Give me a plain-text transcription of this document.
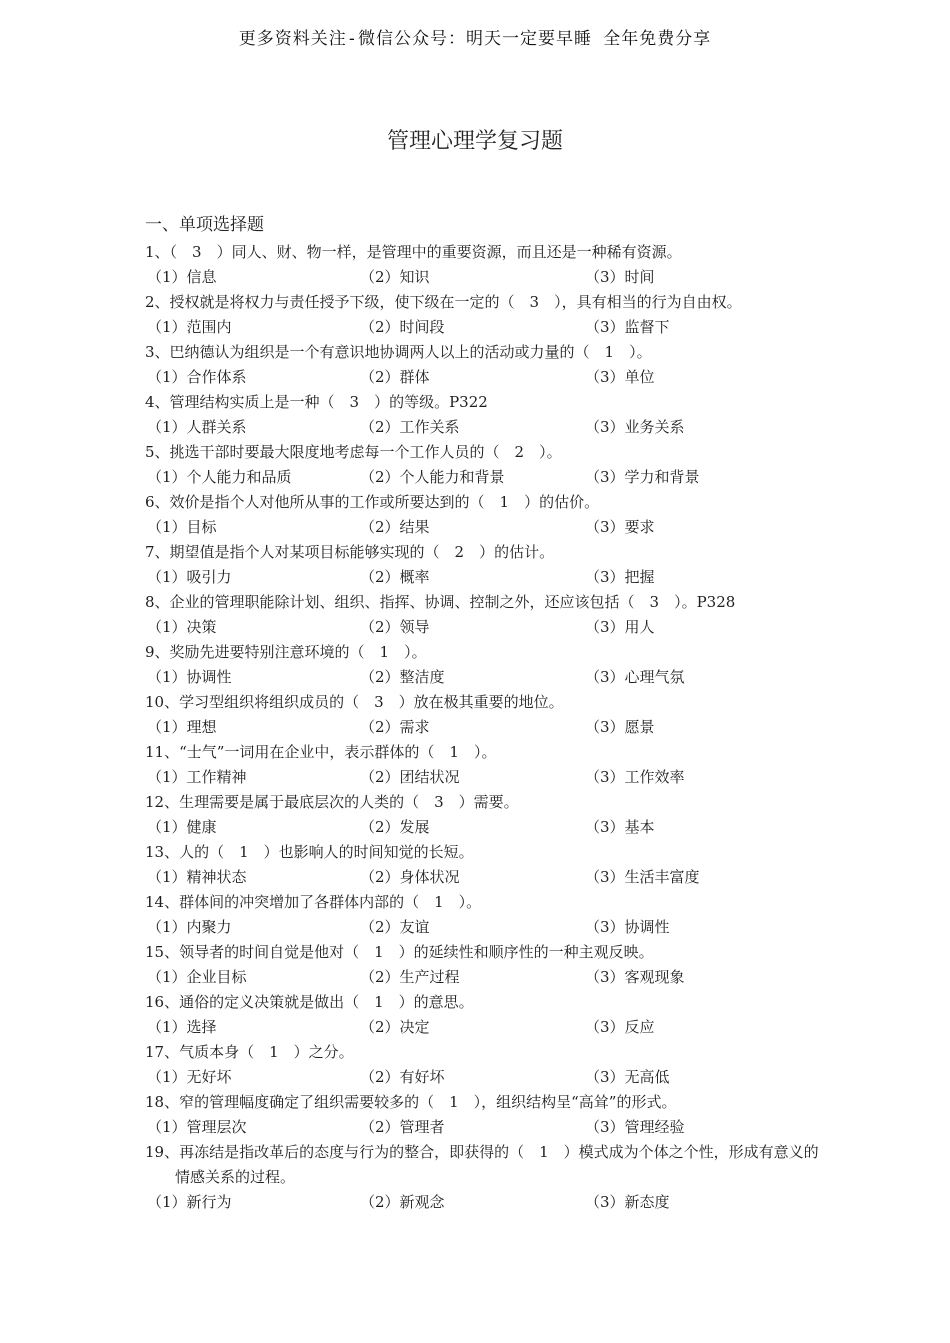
更多资料关注-微信公众号：明天一定要早睡 全年免费分享
管理心理学复习题
一、单项选择题
1、（　3　）同人、财、物一样，是管理中的重要资源，而且还是一种稀有资源。
（1）信息	（2）知识	（3）时间
2、授权就是将权力与责任授予下级，使下级在一定的（　3　），具有相当的行为自由权。
（1）范围内	（2）时间段	（3）监督下
3、巴纳德认为组织是一个有意识地协调两人以上的活动或力量的（　1　）。
（1）合作体系	（2）群体	（3）单位
4、管理结构实质上是一种（　3　）的等级。P322
（1）人群关系	（2）工作关系	（3）业务关系
5、挑选干部时要最大限度地考虑每一个工作人员的（　2　）。
（1）个人能力和品质	（2）个人能力和背景	（3）学力和背景
6、效价是指个人对他所从事的工作或所要达到的（　1　）的估价。
（1）目标	（2）结果	（3）要求
7、期望值是指个人对某项目标能够实现的（　2　）的估计。
（1）吸引力	（2）概率	（3）把握
8、企业的管理职能除计划、组织、指挥、协调、控制之外，还应该包括（　3　）。P328
（1）决策	（2）领导	（3）用人
9、奖励先进要特别注意环境的（　1　）。
（1）协调性	（2）整洁度	（3）心理气氛
10、学习型组织将组织成员的（　3　）放在极其重要的地位。
（1）理想	（2）需求	（3）愿景
11、“士气”一词用在企业中，表示群体的（　1　）。
（1）工作精神	（2）团结状况	（3）工作效率
12、生理需要是属于最底层次的人类的（　3　）需要。
（1）健康	（2）发展	（3）基本
13、人的（　1　）也影响人的时间知觉的长短。
（1）精神状态	（2）身体状况	（3）生活丰富度
14、群体间的冲突增加了各群体内部的（　1　）。
（1）内聚力	（2）友谊	（3）协调性
15、领导者的时间自觉是他对（　1　）的延续性和顺序性的一种主观反映。
（1）企业目标	（2）生产过程	（3）客观现象
16、通俗的定义决策就是做出（　1　）的意思。
（1）选择	（2）决定	（3）反应
17、气质本身（　1　）之分。
（1）无好坏	（2）有好坏	（3）无高低
18、窄的管理幅度确定了组织需要较多的（　1　），组织结构呈“高耸”的形式。
（1）管理层次	（2）管理者	（3）管理经验
19、再冻结是指改革后的态度与行为的整合，即获得的（　1　）模式成为个体之个性，形成有意义的情感关系的过程。
（1）新行为	（2）新观念	（3）新态度
